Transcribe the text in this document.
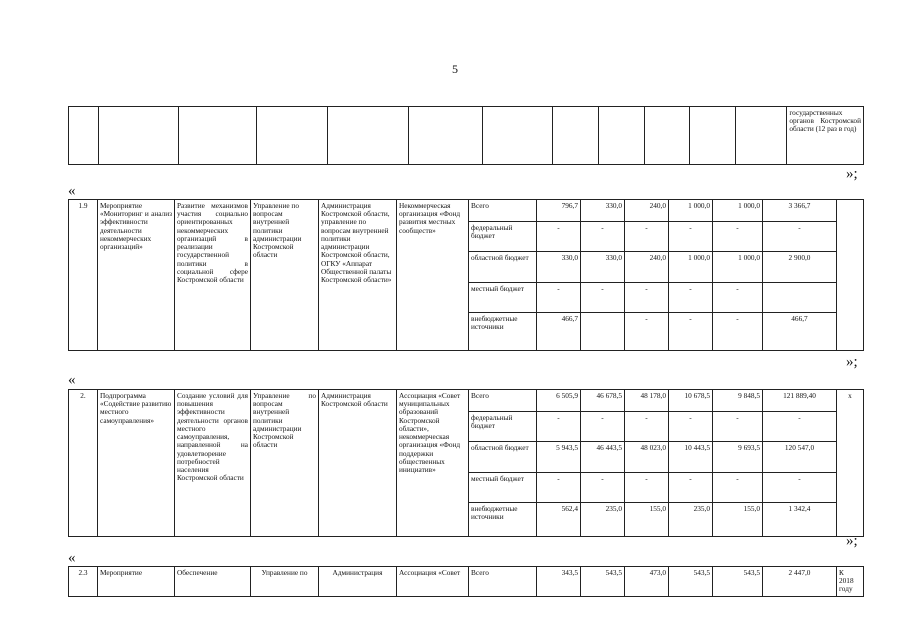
5
												государственных органов Костромской области (12 раз в год)
»;
«
1.9	Мероприятие «Мониторинг и анализ эффективности деятельности некоммерческих организаций»	Развитие механизмов участия социально ориентированных некоммерческих организаций в реализации государственной политики в социальной сфере Костромской области	Управление по вопросам внутренней политики администрации Костромской области	Администрация Костромской области, управление по вопросам внутренней политики администрации Костромской области, ОГКУ «Аппарат Общественной палаты Костромской области»	Некоммерческая организация «Фонд развития местных сообществ»	Всего	796,7	330,0	240,0	1 000,0	1 000,0	3 366,7	
						федеральный бюджет	-	-	-	-	-	-	
						областной бюджет	330,0	330,0	240,0	1 000,0	1 000,0	2 900,0	
						местный бюджет	-	-	-	-	-		
						внебюджетные источники	466,7		-	-	-	466,7	
»;
«
2.	Подпрограмма «Содействие развитию местного самоуправления»	Создание условий для повышения эффективности деятельности органов местного самоуправления, направленной на удовлетворение потребностей населения Костромской области	Управление по вопросам внутренней политики администрации Костромской области	Администрация Костромской области	Ассоциация «Совет муниципальных образований Костромской области», некоммерческая организация «Фонд поддержки общественных инициатив»	Всего	6 505,9	46 678,5	48 178,0	10 678,5	9 848,5	121 889,40	х
						федеральный бюджет	-	-	-	-	-	-	
						областной бюджет	5 943,5	46 443,5	48 023,0	10 443,5	9 693,5	120 547,0	
						местный бюджет	-	-	-	-	-	-	
						внебюджетные источники	562,4	235,0	155,0	235,0	155,0	1 342,4	
»;
«
2.3	Мероприятие	Обеспечение	Управление по	Администрация	Ассоциация «Совет	Всего	343,5	543,5	473,0	543,5	543,5	2 447,0	К 2018 году
